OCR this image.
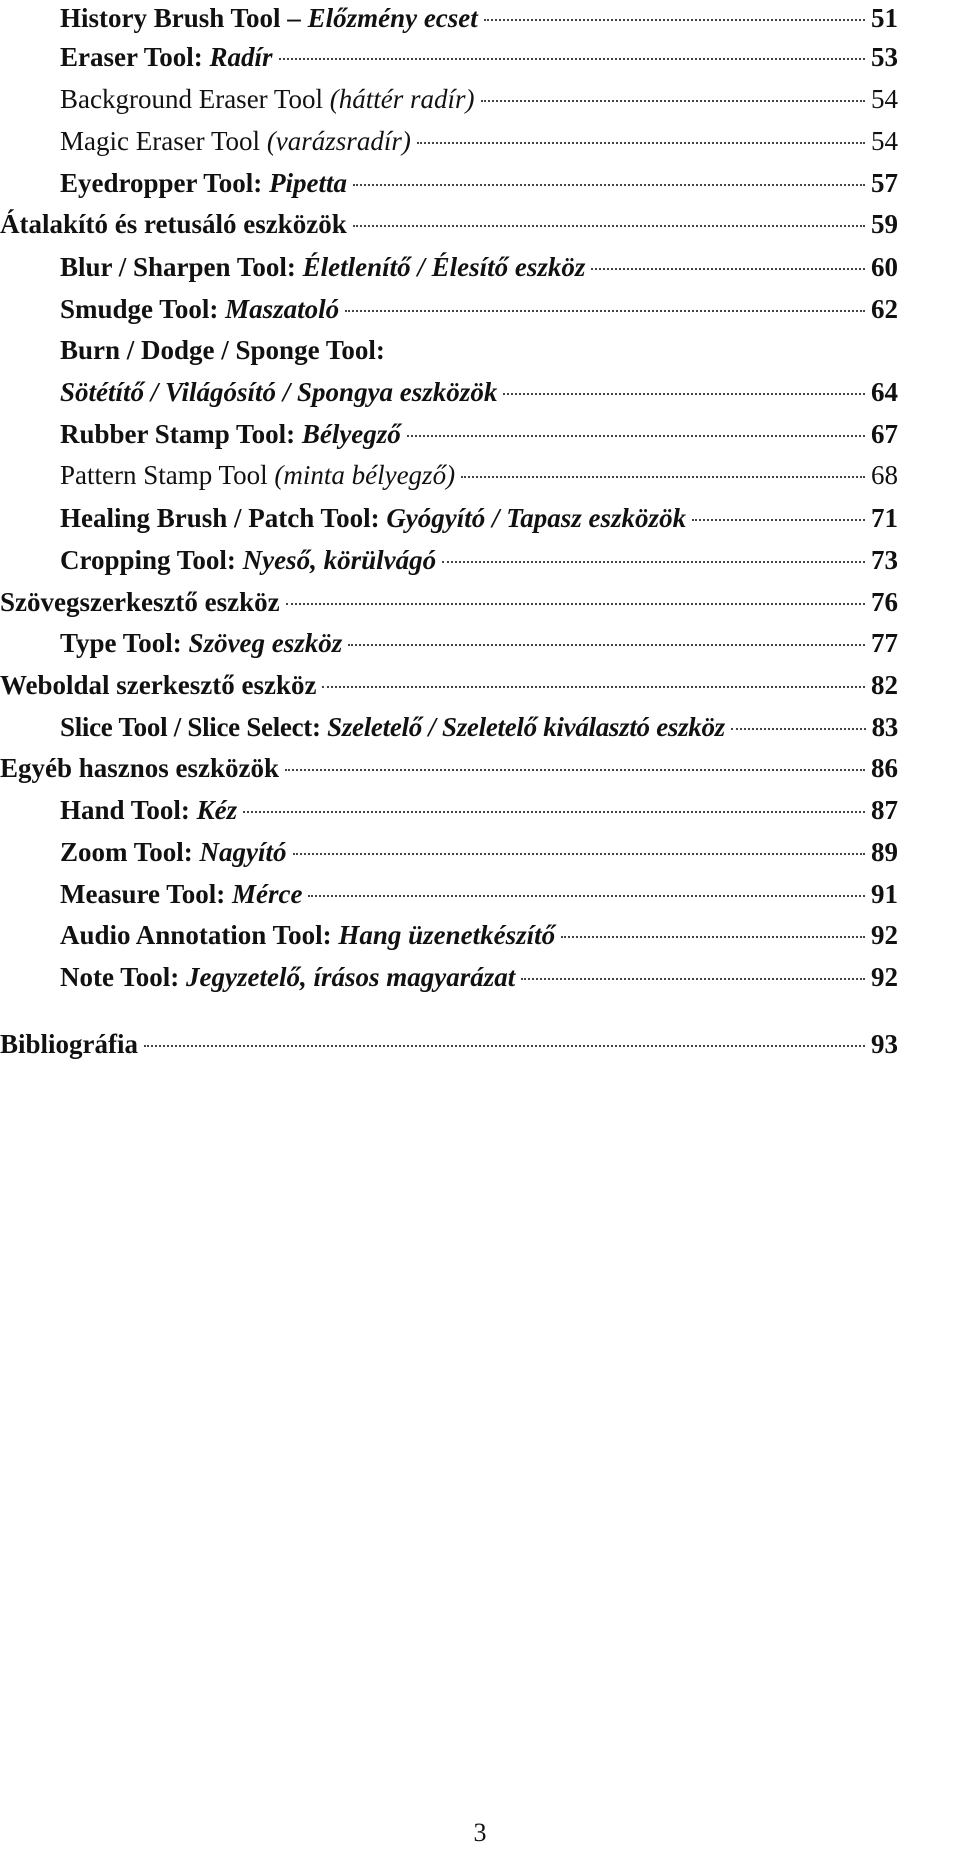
History Brush Tool – Előzmény ecset	51
Eraser Tool: Radír	53
Background Eraser Tool (háttér radír)	54
Magic Eraser Tool (varázsradír)	54
Eyedropper Tool: Pipetta	57
Átalakító és retusáló eszközök	59
Blur / Sharpen Tool: Életlenítő / Élesítő eszköz	60
Smudge Tool: Maszatoló	62
Burn / Dodge / Sponge Tool:
Sötétítő / Világósító / Spongya eszközök	64
Rubber Stamp Tool: Bélyegző	67
Pattern Stamp Tool (minta bélyegző)	68
Healing Brush / Patch Tool: Gyógyító / Tapasz eszközök	71
Cropping Tool: Nyeső, körülvágó	73
Szövegszerkesztő eszköz	76
Type Tool: Szöveg eszköz	77
Weboldal szerkesztő eszköz	82
Slice Tool / Slice Select: Szeletelő / Szeletelő kiválasztó eszköz	83
Egyéb hasznos eszközök	86
Hand Tool: Kéz	87
Zoom Tool: Nagyító	89
Measure Tool: Mérce	91
Audio Annotation Tool: Hang üzenetkészítő	92
Note Tool: Jegyzetelő, írásos magyarázat	92
Bibliográfia	93
3
